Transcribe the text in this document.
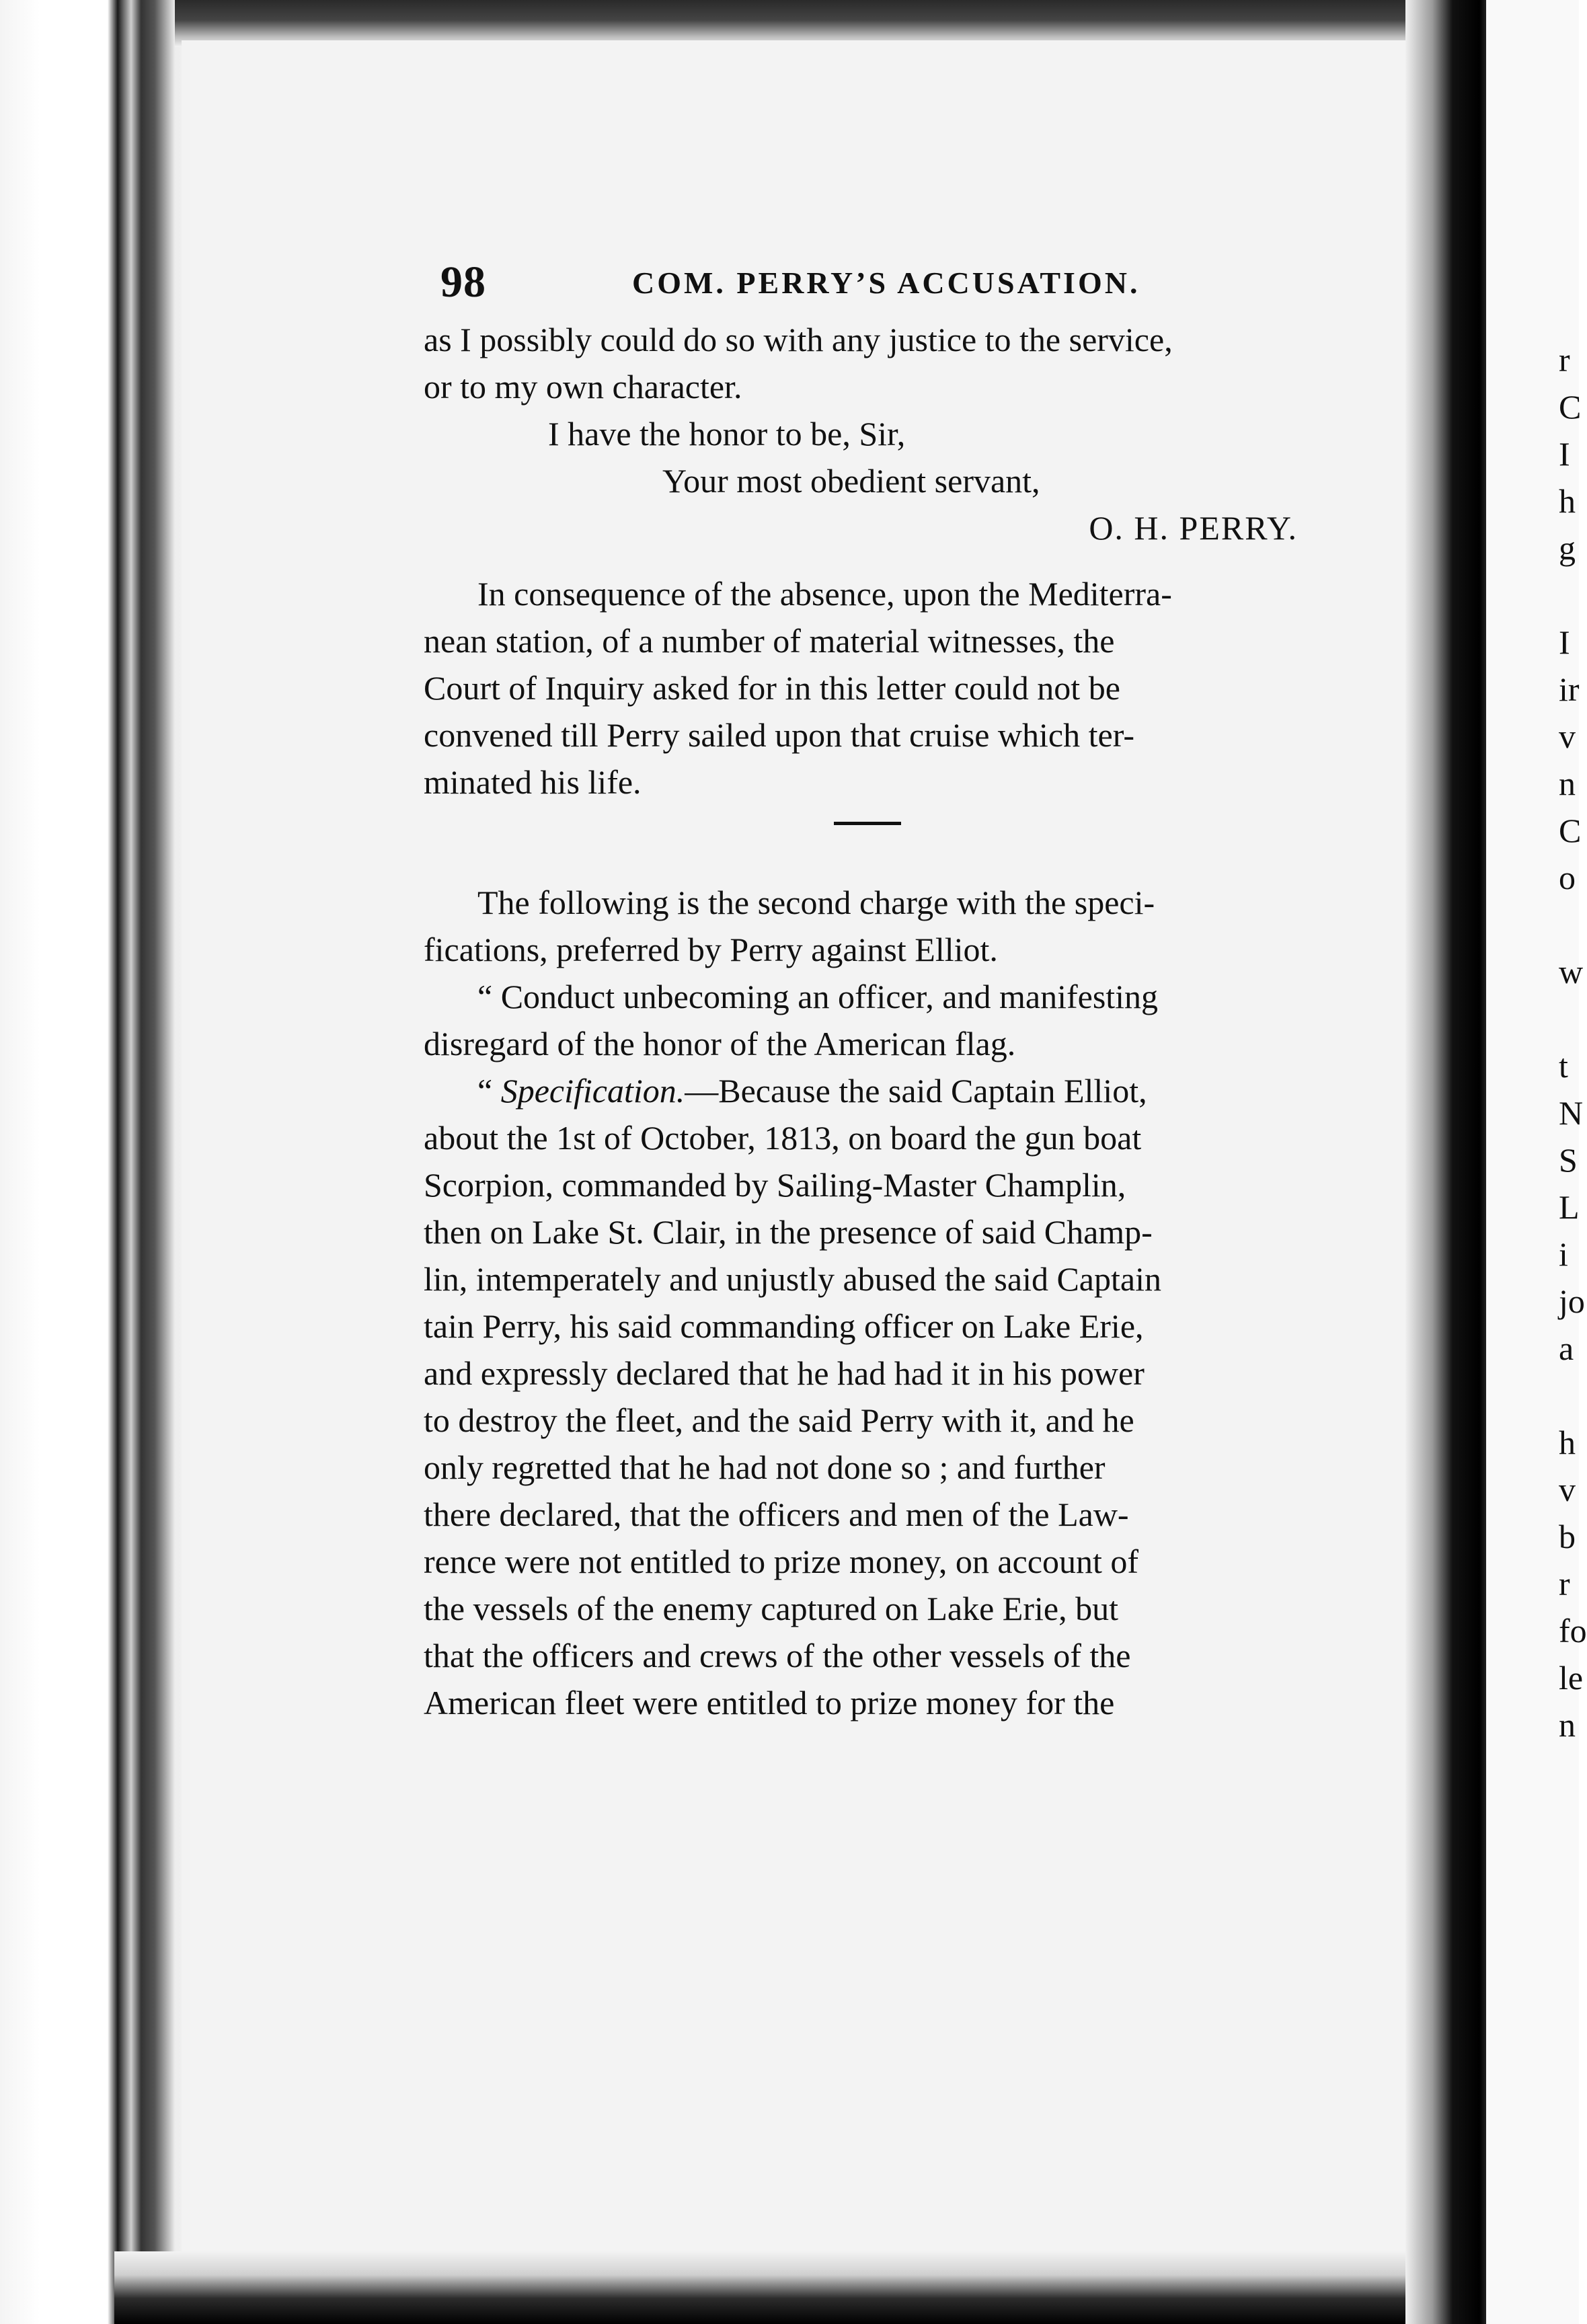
98	COM. PERRY’S ACCUSATION.
as I possibly could do so with any justice to the service,
or to my own character.
I have the honor to be, Sir,
Your most obedient servant,
O. H. PERRY.
In consequence of the absence, upon the Mediterra-
nean station, of a number of material witnesses, the
Court of Inquiry asked for in this letter could not be
convened till Perry sailed upon that cruise which ter-
minated his life.
The following is the second charge with the speci-
fications, preferred by Perry against Elliot.
“ Conduct unbecoming an officer, and manifesting
disregard of the honor of the American flag.
“ Specification.—Because the said Captain Elliot,
about the 1st of October, 1813, on board the gun boat
Scorpion, commanded by Sailing-Master Champlin,
then on Lake St. Clair, in the presence of said Champ-
lin, intemperately and unjustly abused the said Captain
tain Perry, his said commanding officer on Lake Erie,
and expressly declared that he had had it in his power
to destroy the fleet, and the said Perry with it, and he
only regretted that he had not done so ; and further
there declared, that the officers and men of the Law-
rence were not entitled to prize money, on account of
the vessels of the enemy captured on Lake Erie, but
that the officers and crews of the other vessels of the
American fleet were entitled to prize money for the
r
C
I
h
g
I
ir
v
n
C
o
w
t
N
S
L
i
jo
a
h
v
b
r
fo
le
n
